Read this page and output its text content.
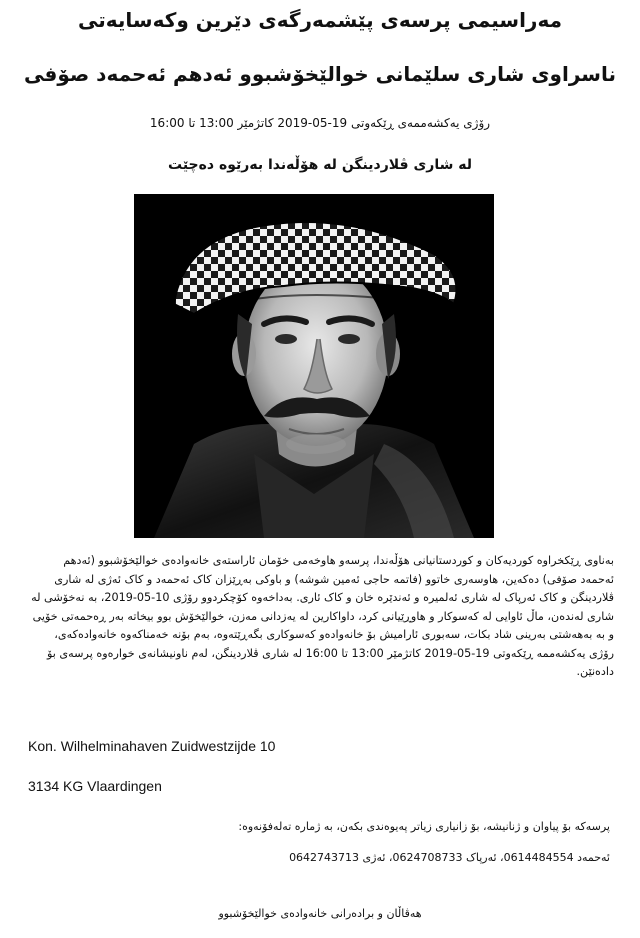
مەراسیمی پرسەی پێشمەرگەی دێرین وکەسایەتی

ناسراوی شاری سلێمانی خوالێخۆشبوو ئەدهم ئەحمەد صۆفی

رۆژی یەکشەممەی ڕێکەوتی 19-05-2019 کاتژمێر 13:00 تا 16:00

لە شاری ڤلاردینگن لە هۆڵەندا بەرێوە دەچێت

بەناوی ڕێکخراوە کوردیەکان و کوردستانیانی هۆڵەندا، پرسەو هاوخەمی خۆمان ئاراستەی خانەوادەی خوالێخۆشبوو (ئەدهم ئەحمەد صۆفی) دەکەین، هاوسەری خاتوو (فاتمە حاجی ئەمین شوشە) و باوکی بەڕێزان کاک ئەحمەد و کاک ئەژی لە شاری ڤلاردینگن و کاک ئەرپاک لە شاری ئەلمیرە و ئەندێرە خان و کاک ئاری. بەداخەوە کۆچکردوو رۆژی 10-05-2019، بە نەخۆشی لە شاری لەندەن، ماڵ ئاوایی لە کەسوکار و هاوڕێیانی کرد، داواکارین لە یەزدانی مەزن، خوالێخۆش بوو بیخاتە بەر ڕەحمەتی خۆیی و بە بەهەشتی بەرینی شاد بکات، سەبوری ئارامیش بۆ خانەوادەو کەسوکاری بگەڕێتەوە، بەم بۆنە خەمناکەوە خانەوادەکەی، رۆژی یەکشەممە ڕێکەوتی 19-05-2019 کاتژمێر 13:00 تا 16:00 لە شاری ڤلاردینگن، لەم ناونیشانەی خوارەوە پرسەی بۆ دادەنێن.

Kon. Wilhelminahaven Zuidwestzijde 10

3134 KG Vlaardingen

پرسەکە بۆ پیاوان و ژنانیشە، بۆ زانیاری زیاتر پەیوەندی بکەن، بە ژمارە تەلەفۆنەوە:

ئەحمەد 0614484554، ئەرپاک 0624708733، ئەژی 0642743713

هەڤاڵان و برادەرانی خانەوادەی خوالێخۆشبوو
